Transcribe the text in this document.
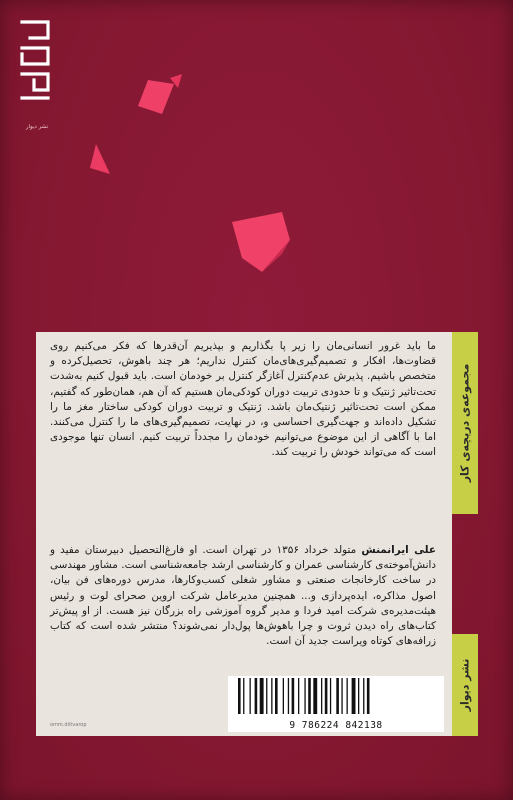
نشر دیوار

ما باید غرور انسانی‌مان را زیر پا بگذاریم و بپذیریم آن‌قدرها که فکر می‌کنیم روی قضاوت‌ها، افکار و تصمیم‌گیری‌های‌مان کنترل نداریم؛ هر چند باهوش، تحصیل‌کرده و متخصص باشیم. پذیرش عدم‌کنترل آغازگر کنترل بر خودمان است. باید قبول کنیم به‌شدت تحت‌تاثیر ژنتیک و تا حدودی تربیت دوران کودکی‌مان هستیم که آن هم، همان‌طور که گفتیم، ممکن است تحت‌تاثیر ژنتیک‌مان باشد. ژنتیک و تربیت دوران کودکی ساختار مغز ما را تشکیل داده‌اند و جهت‌گیری احساسی و، در نهایت، تصمیم‌گیری‌های ما را کنترل می‌کنند. اما با آگاهی از این موضوع می‌توانیم خودمان را مجدداً تربیت کنیم. انسان تنها موجودی است که می‌تواند خودش را تربیت کند.

علی ایرانمنش متولد خرداد ۱۳۵۶ در تهران است. او فارغ‌التحصیل دبیرستان مفید و دانش‌آموخته‌ی کارشناسی عمران و کارشناسی ارشد جامعه‌شناسی است. مشاور مهندسی در ساخت کارخانجات صنعتی و مشاور شغلی کسب‌وکارها، مدرس دوره‌های فن بیان، اصول مذاکره، ایده‌پردازی و... همچنین مدیرعامل شرکت اروین صحرای لوت و رئیس هیئت‌مدیره‌ی شرکت امید فردا و مدیر گروه آموزشی راه بزرگان نیز هست. از او پیش‌تر کتاب‌های راه دیدن ثروت و چرا باهوش‌ها پول‌دار نمی‌شوند؟ منتشر شده است که کتاب زرافه‌های کوتاه ویراست جدید آن است.

9 786224 842138
omm.diitvarop
مجموعه‌ی دریچه‌ی کار
نشر دیوار
